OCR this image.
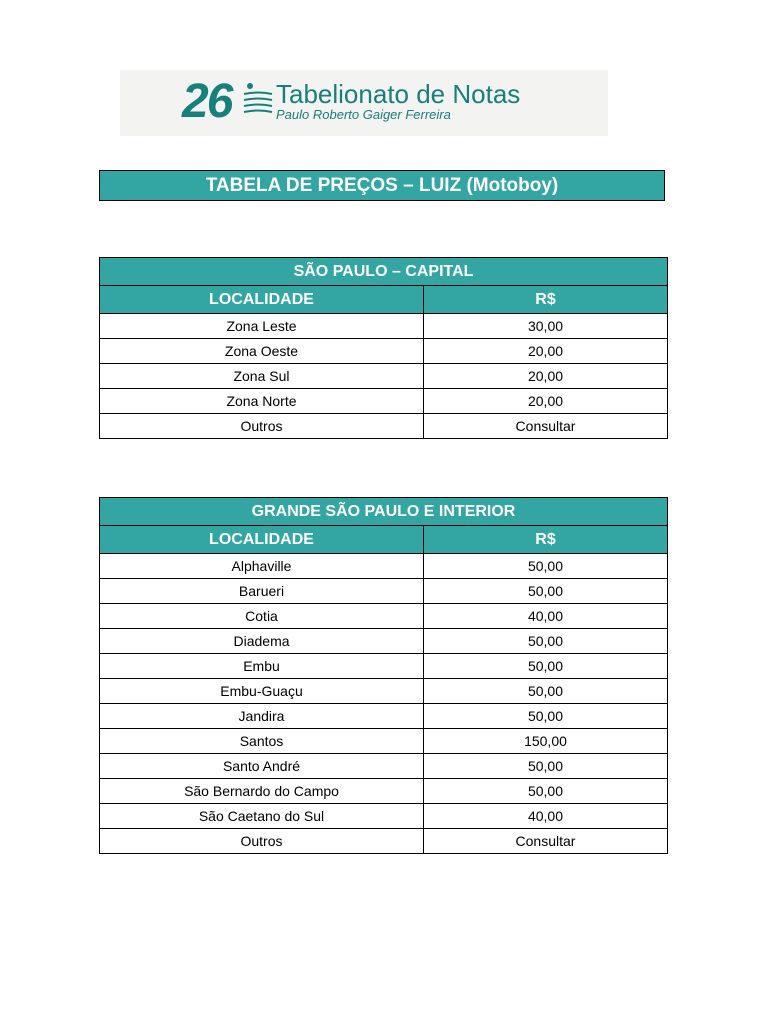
26 Tabelionato de Notas
Paulo Roberto Gaiger Ferreira
TABELA DE PREÇOS – LUIZ (Motoboy)
SÃO PAULO – CAPITAL	
LOCALIDADE	R$
Zona Leste	30,00
Zona Oeste	20,00
Zona Sul	20,00
Zona Norte	20,00
Outros	Consultar
GRANDE SÃO PAULO E INTERIOR	
LOCALIDADE	R$
Alphaville	50,00
Barueri	50,00
Cotia	40,00
Diadema	50,00
Embu	50,00
Embu-Guaçu	50,00
Jandira	50,00
Santos	150,00
Santo André	50,00
São Bernardo do Campo	50,00
São Caetano do Sul	40,00
Outros	Consultar
